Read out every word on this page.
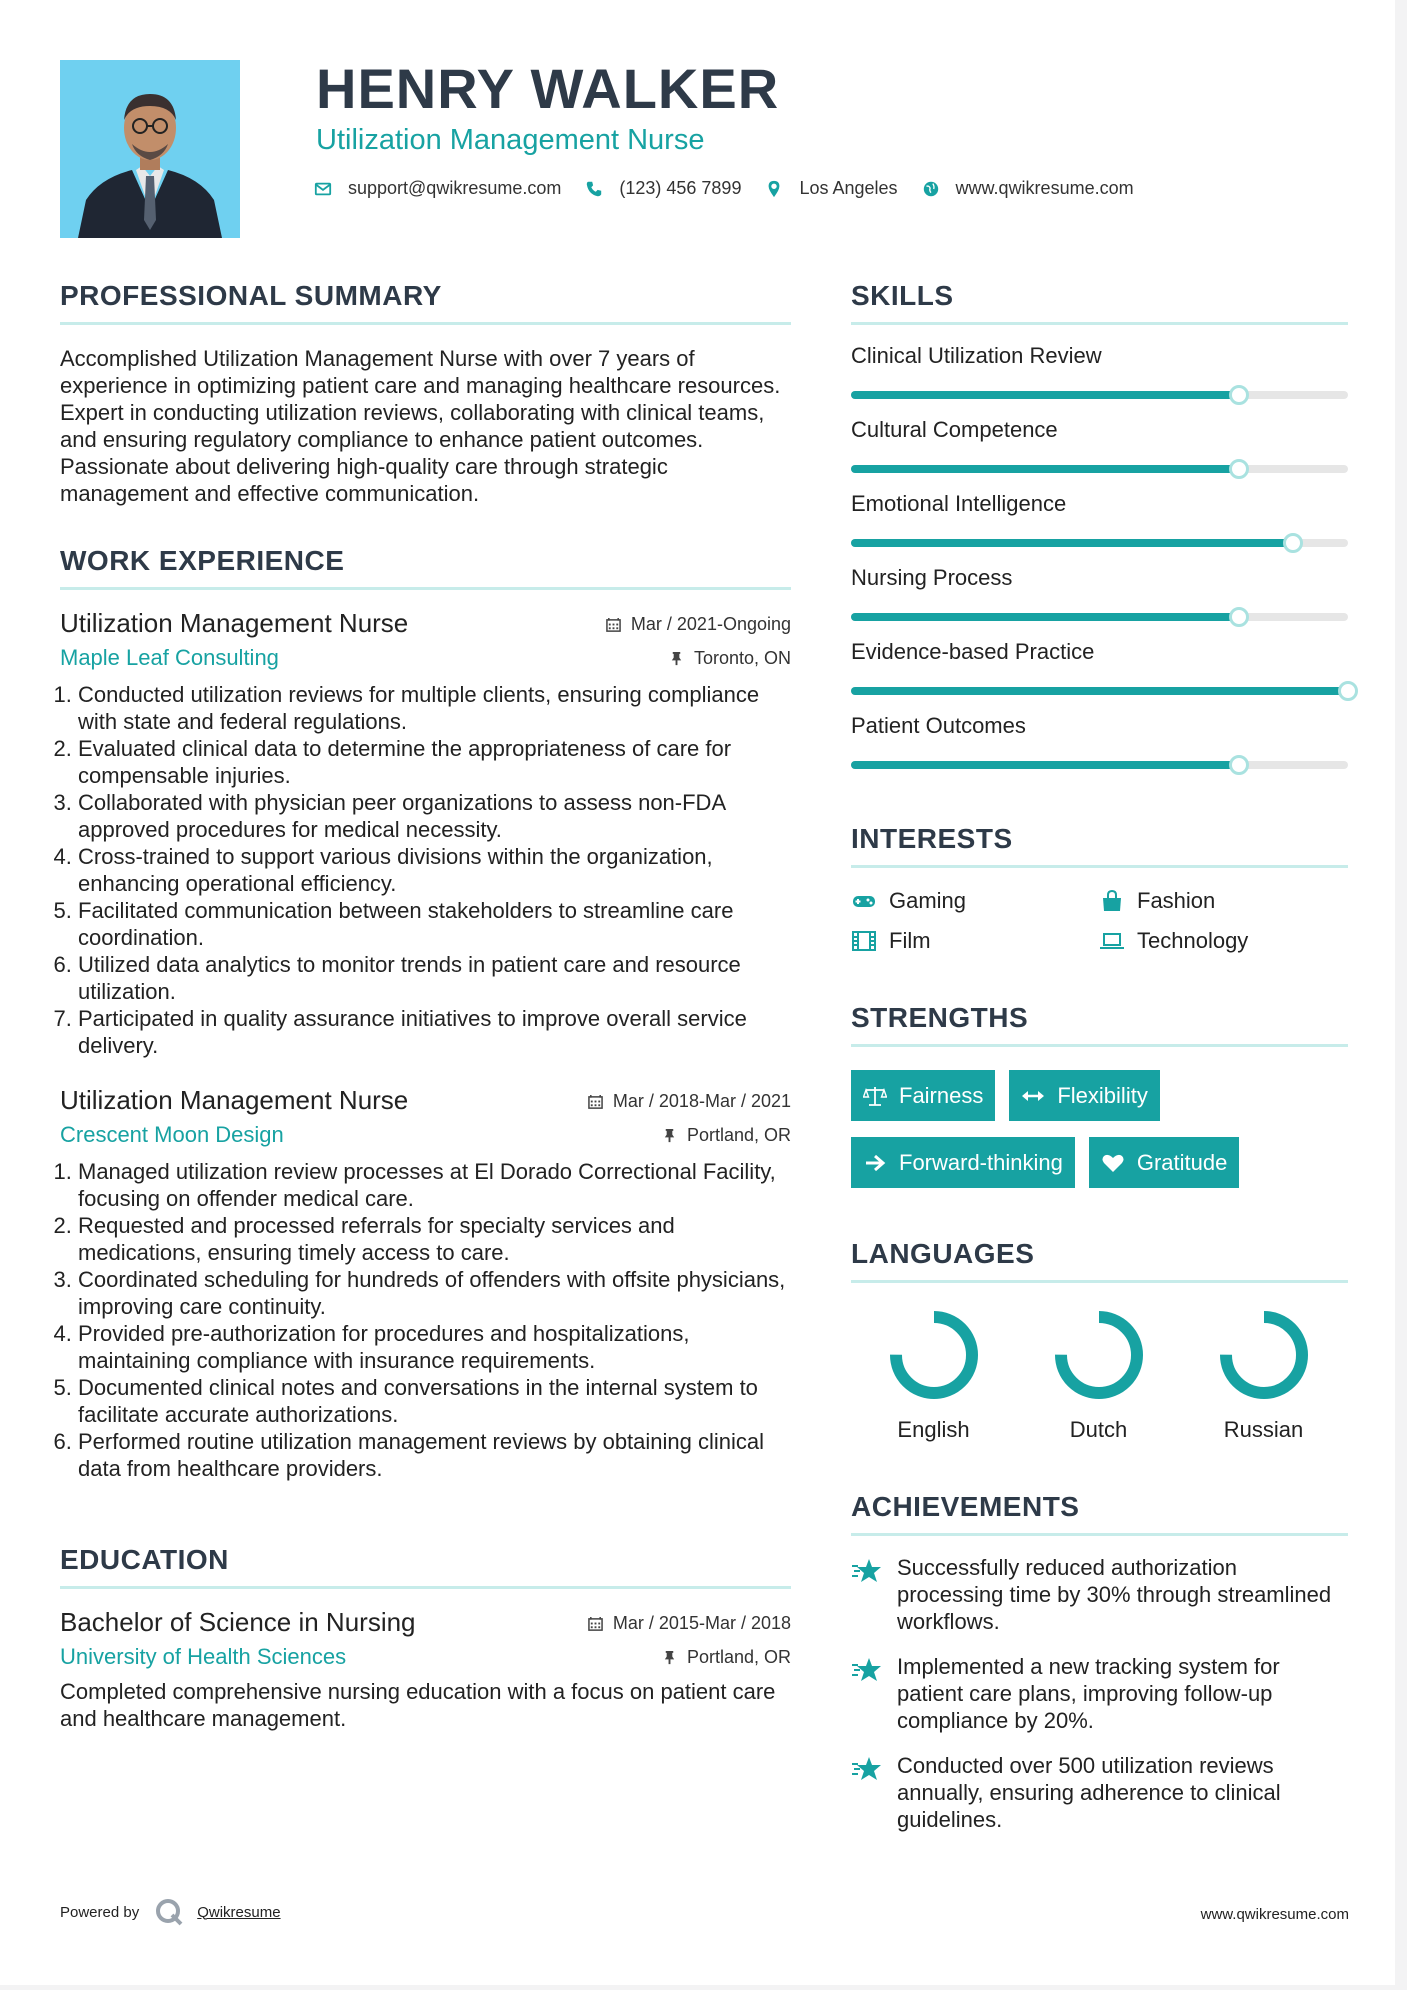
HENRY WALKER
Utilization Management Nurse
support@qwikresume.com	(123) 456 7899	Los Angeles	www.qwikresume.com
PROFESSIONAL SUMMARY
Accomplished Utilization Management Nurse with over 7 years of experience in optimizing patient care and managing healthcare resources. Expert in conducting utilization reviews, collaborating with clinical teams, and ensuring regulatory compliance to enhance patient outcomes. Passionate about delivering high-quality care through strategic management and effective communication.
WORK EXPERIENCE
Utilization Management Nurse	Mar / 2021-Ongoing
Maple Leaf Consulting	Toronto, ON
1. Conducted utilization reviews for multiple clients, ensuring compliance with state and federal regulations.
2. Evaluated clinical data to determine the appropriateness of care for compensable injuries.
3. Collaborated with physician peer organizations to assess non-FDA approved procedures for medical necessity.
4. Cross-trained to support various divisions within the organization, enhancing operational efficiency.
5. Facilitated communication between stakeholders to streamline care coordination.
6. Utilized data analytics to monitor trends in patient care and resource utilization.
7. Participated in quality assurance initiatives to improve overall service delivery.
Utilization Management Nurse	Mar / 2018-Mar / 2021
Crescent Moon Design	Portland, OR
1. Managed utilization review processes at El Dorado Correctional Facility, focusing on offender medical care.
2. Requested and processed referrals for specialty services and medications, ensuring timely access to care.
3. Coordinated scheduling for hundreds of offenders with offsite physicians, improving care continuity.
4. Provided pre-authorization for procedures and hospitalizations, maintaining compliance with insurance requirements.
5. Documented clinical notes and conversations in the internal system to facilitate accurate authorizations.
6. Performed routine utilization management reviews by obtaining clinical data from healthcare providers.
EDUCATION
Bachelor of Science in Nursing	Mar / 2015-Mar / 2018
University of Health Sciences	Portland, OR
Completed comprehensive nursing education with a focus on patient care and healthcare management.
SKILLS
Clinical Utilization Review
Cultural Competence
Emotional Intelligence
Nursing Process
Evidence-based Practice
Patient Outcomes
INTERESTS
Gaming	Fashion
Film	Technology
STRENGTHS
Fairness	Flexibility
Forward-thinking	Gratitude
LANGUAGES
English	Dutch	Russian
ACHIEVEMENTS
Successfully reduced authorization processing time by 30% through streamlined workflows.
Implemented a new tracking system for patient care plans, improving follow-up compliance by 20%.
Conducted over 500 utilization reviews annually, ensuring adherence to clinical guidelines.
Powered by	Qwikresume	www.qwikresume.com
